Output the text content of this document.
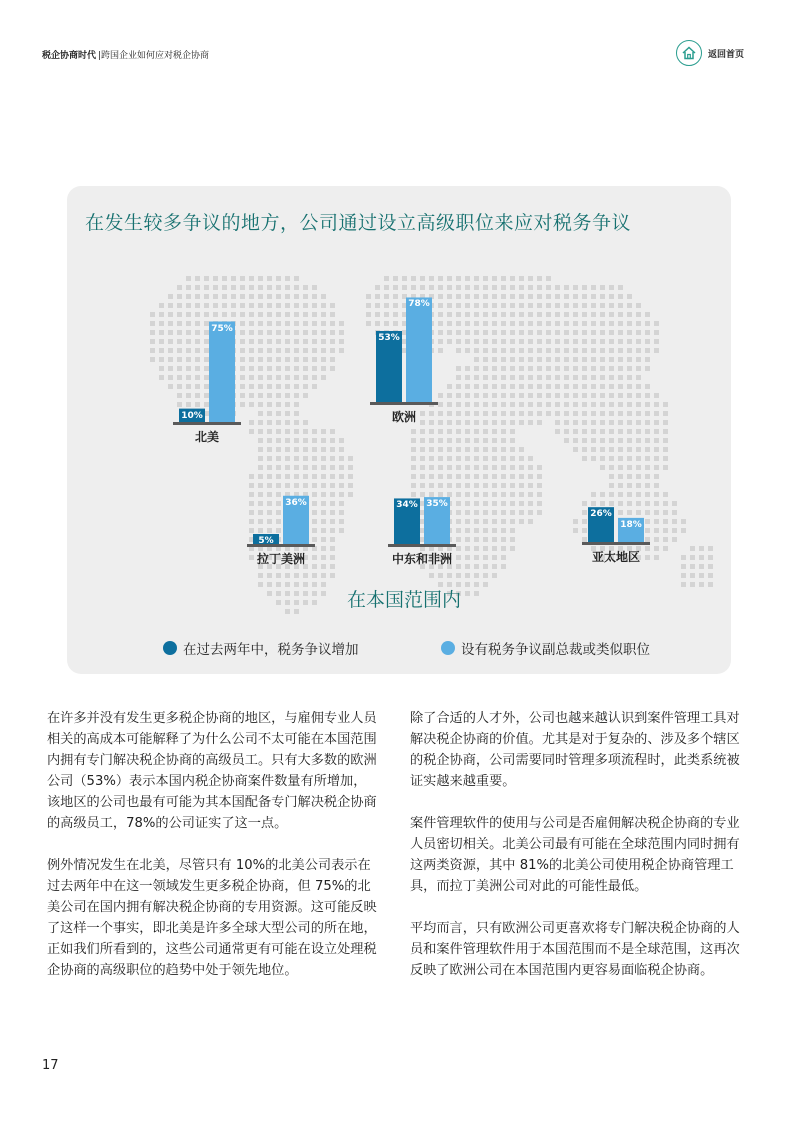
税企协商时代 |跨国企业如何应对税企协商	返回首页
在发生较多争议的地方，公司通过设立高级职位来应对税务争议
10%
75%
北美
53%
78%
欧洲
5%
36%
拉丁美洲
34% 35%
中东和非洲
26%
18%
亚太地区
在本国范围内
在过去两年中，税务争议增加	设有税务争议副总裁或类似职位

在许多并没有发生更多税企协商的地区，与雇佣专业人员相关的高成本可能解释了为什么公司不太可能在本国范围内拥有专门解决税企协商的高级员工。只有大多数的欧洲公司（53%）表示本国内税企协商案件数量有所增加，该地区的公司也最有可能为其本国配备专门解决税企协商的高级员工，78%的公司证实了这一点。

例外情况发生在北美，尽管只有 10%的北美公司表示在过去两年中在这一领域发生更多税企协商，但 75%的北美公司在国内拥有解决税企协商的专用资源。这可能反映了这样一个事实，即北美是许多全球大型公司的所在地，正如我们所看到的，这些公司通常更有可能在设立处理税企协商的高级职位的趋势中处于领先地位。

除了合适的人才外，公司也越来越认识到案件管理工具对解决税企协商的价值。尤其是对于复杂的、涉及多个辖区的税企协商，公司需要同时管理多项流程时，此类系统被证实越来越重要。

案件管理软件的使用与公司是否雇佣解决税企协商的专业人员密切相关。北美公司最有可能在全球范围内同时拥有这两类资源，其中 81%的北美公司使用税企协商管理工具，而拉丁美洲公司对此的可能性最低。

平均而言，只有欧洲公司更喜欢将专门解决税企协商的人员和案件管理软件用于本国范围而不是全球范围，这再次反映了欧洲公司在本国范围内更容易面临税企协商。

17
